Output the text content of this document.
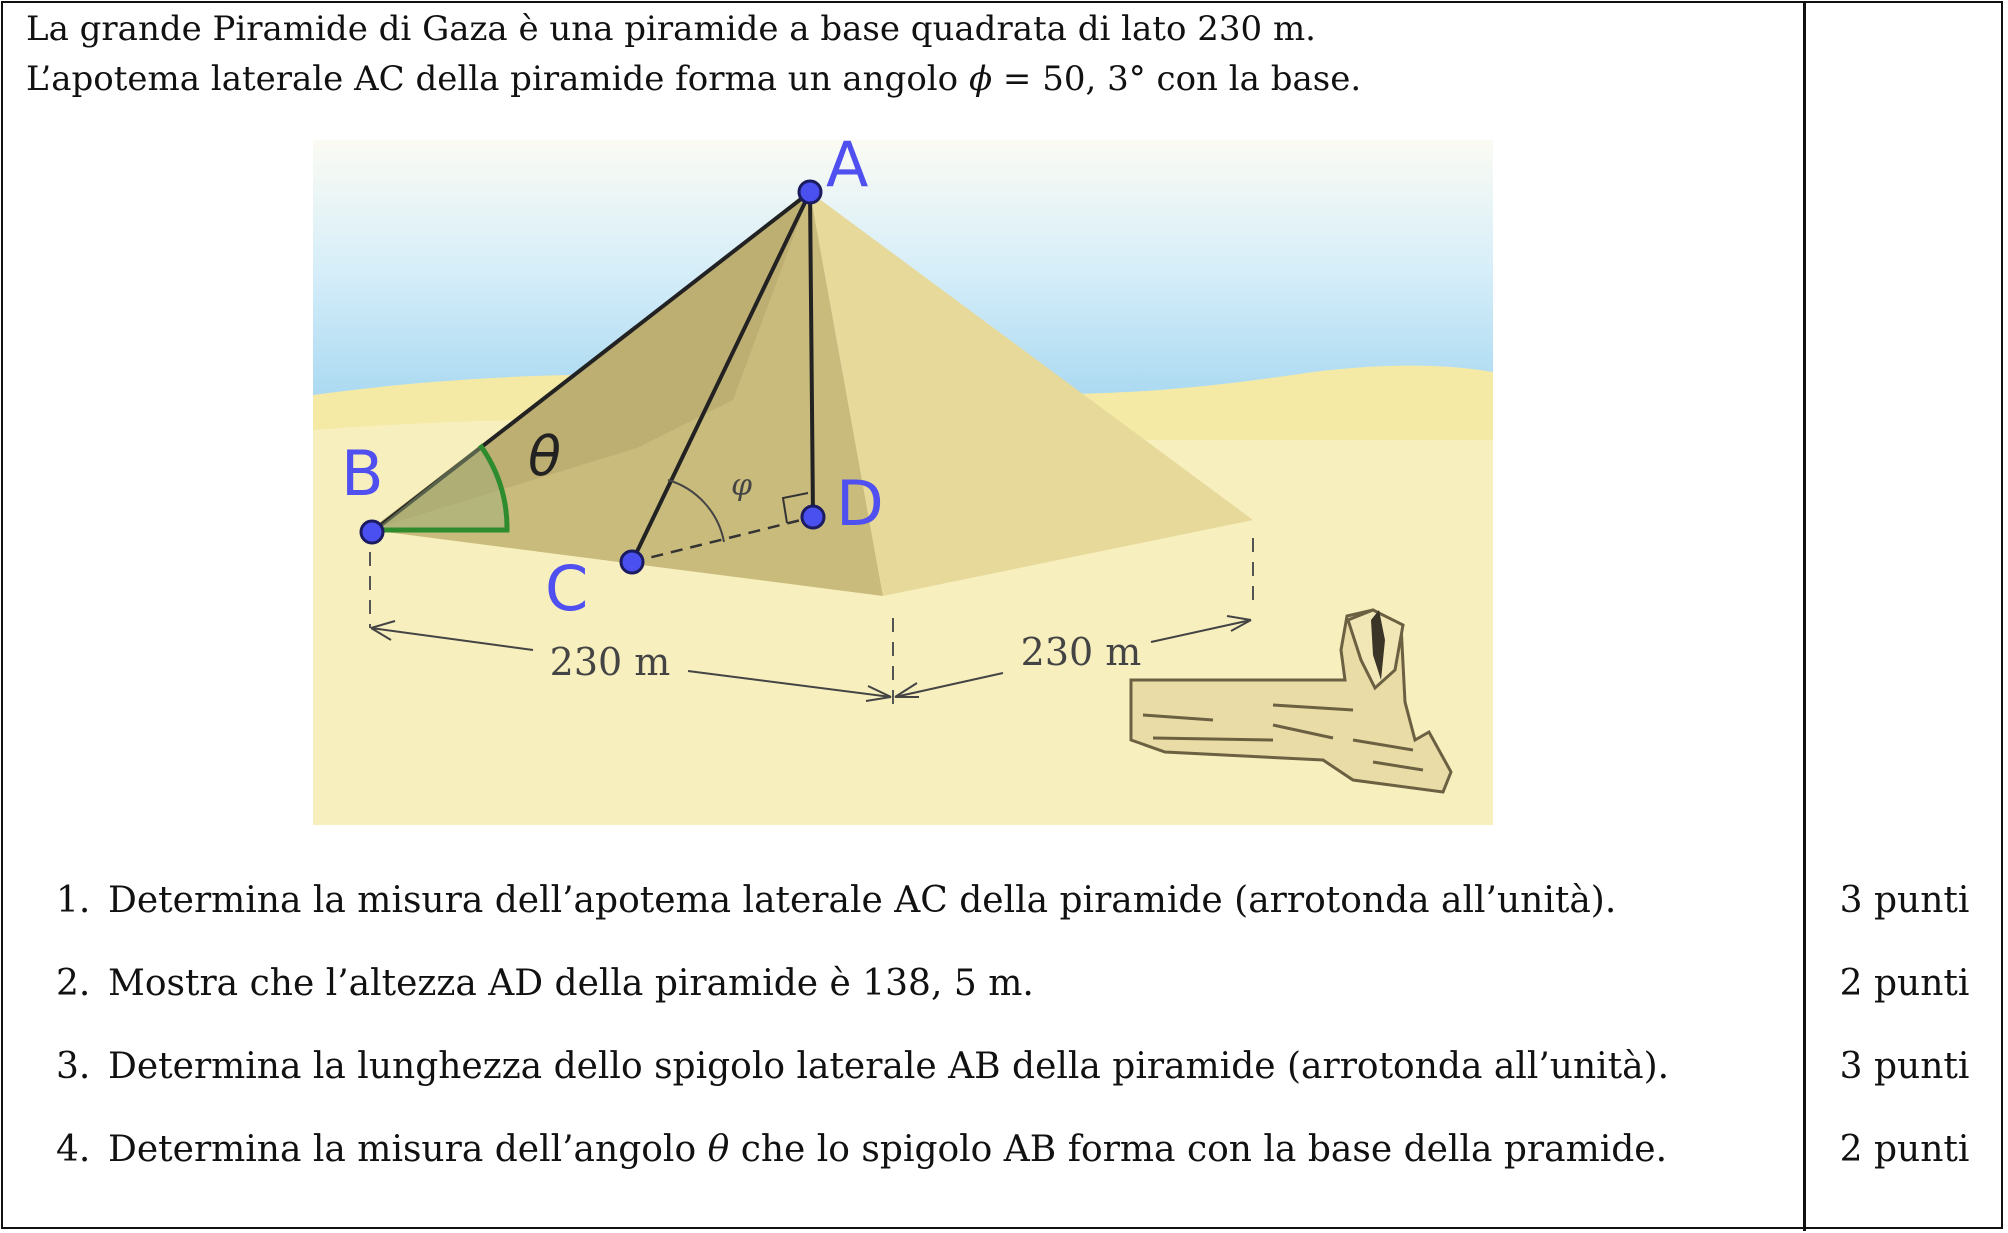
La grande Piramide di Gaza è una piramide a base quadrata di lato 230 m.
L’apotema laterale AC della piramide forma un angolo ϕ = 50, 3° con la base.
230 m	230 m
θ	φ
A
B
C
D
1. Determina la misura dell’apotema laterale AC della piramide (arrotonda all’unità).	3 punti
2. Mostra che l’altezza AD della piramide è 138, 5 m.	2 punti
3. Determina la lunghezza dello spigolo laterale AB della piramide (arrotonda all’unità).	3 punti
4. Determina la misura dell’angolo θ che lo spigolo AB forma con la base della pramide.	2 punti
